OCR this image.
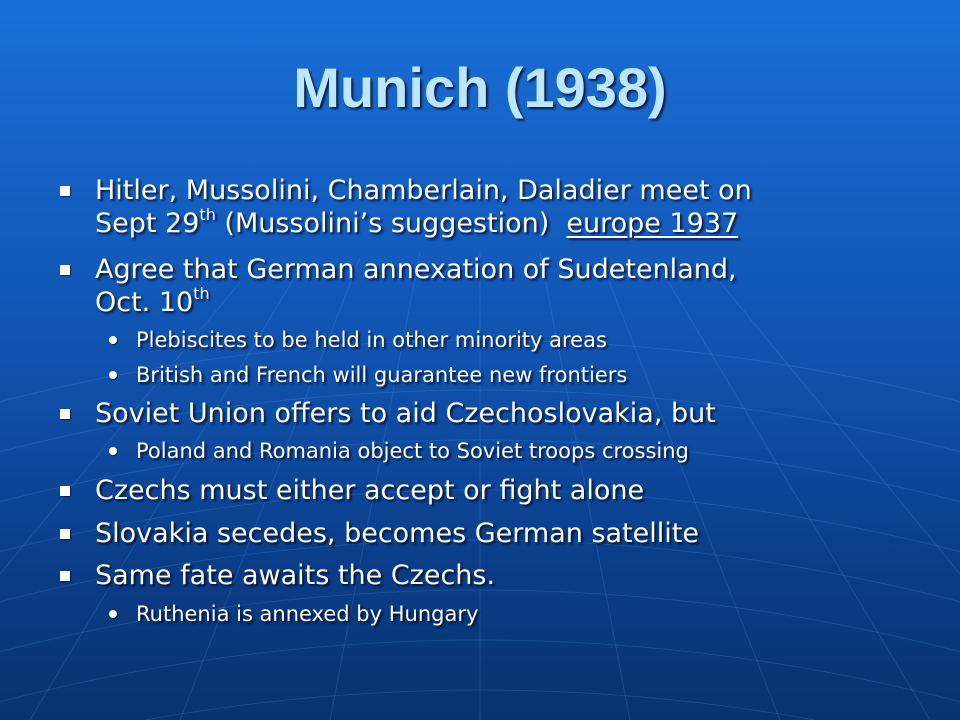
Munich (1938)
Hitler, Mussolini, Chamberlain, Daladier meet on
Sept 29th (Mussolini’s suggestion)  europe 1937
Agree that German annexation of Sudetenland,
Oct. 10th
Plebiscites to be held in other minority areas
British and French will guarantee new frontiers
Soviet Union offers to aid Czechoslovakia, but
Poland and Romania object to Soviet troops crossing
Czechs must either accept or fight alone
Slovakia secedes, becomes German satellite
Same fate awaits the Czechs.
Ruthenia is annexed by Hungary
